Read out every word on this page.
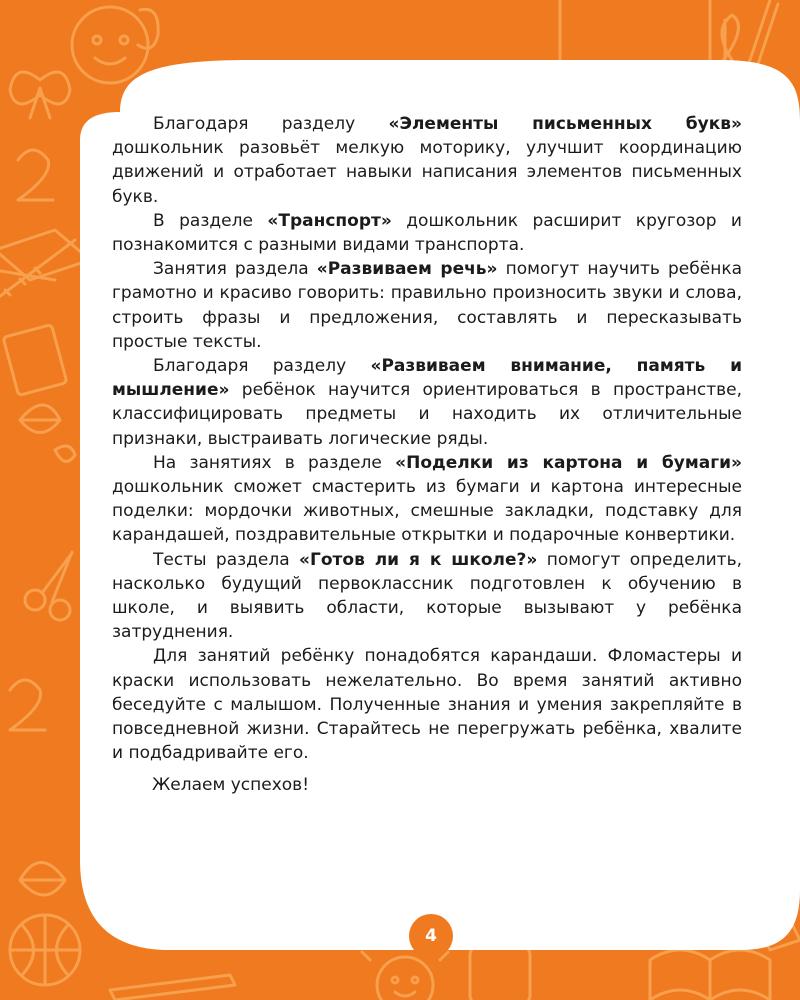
Благодаря разделу «Элементы письменных букв» дошкольник разовьёт мелкую моторику, улучшит координацию движений и отработает навыки написания элементов письменных букв.

В разделе «Транспорт» дошкольник расширит кругозор и познакомится с разными видами транспорта.

Занятия раздела «Развиваем речь» помогут научить ребёнка грамотно и красиво говорить: правильно произносить звуки и слова, строить фразы и предложения, составлять и пересказывать простые тексты.

Благодаря разделу «Развиваем внимание, память и мышление» ребёнок научится ориентироваться в пространстве, классифицировать предметы и находить их отличительные признаки, выстраивать логические ряды.

На занятиях в разделе «Поделки из картона и бумаги» дошкольник сможет смастерить из бумаги и картона интересные поделки: мордочки животных, смешные закладки, подставку для карандашей, поздравительные открытки и подарочные конвертики.

Тесты раздела «Готов ли я к школе?» помогут определить, насколько будущий первоклассник подготовлен к обучению в школе, и выявить области, которые вызывают у ребёнка затруднения.

Для занятий ребёнку понадобятся карандаши. Фломастеры и краски использовать нежелательно. Во время занятий активно беседуйте с малышом. Полученные знания и умения закрепляйте в повседневной жизни. Старайтесь не перегружать ребёнка, хвалите и подбадривайте его.

Желаем успехов!

4
